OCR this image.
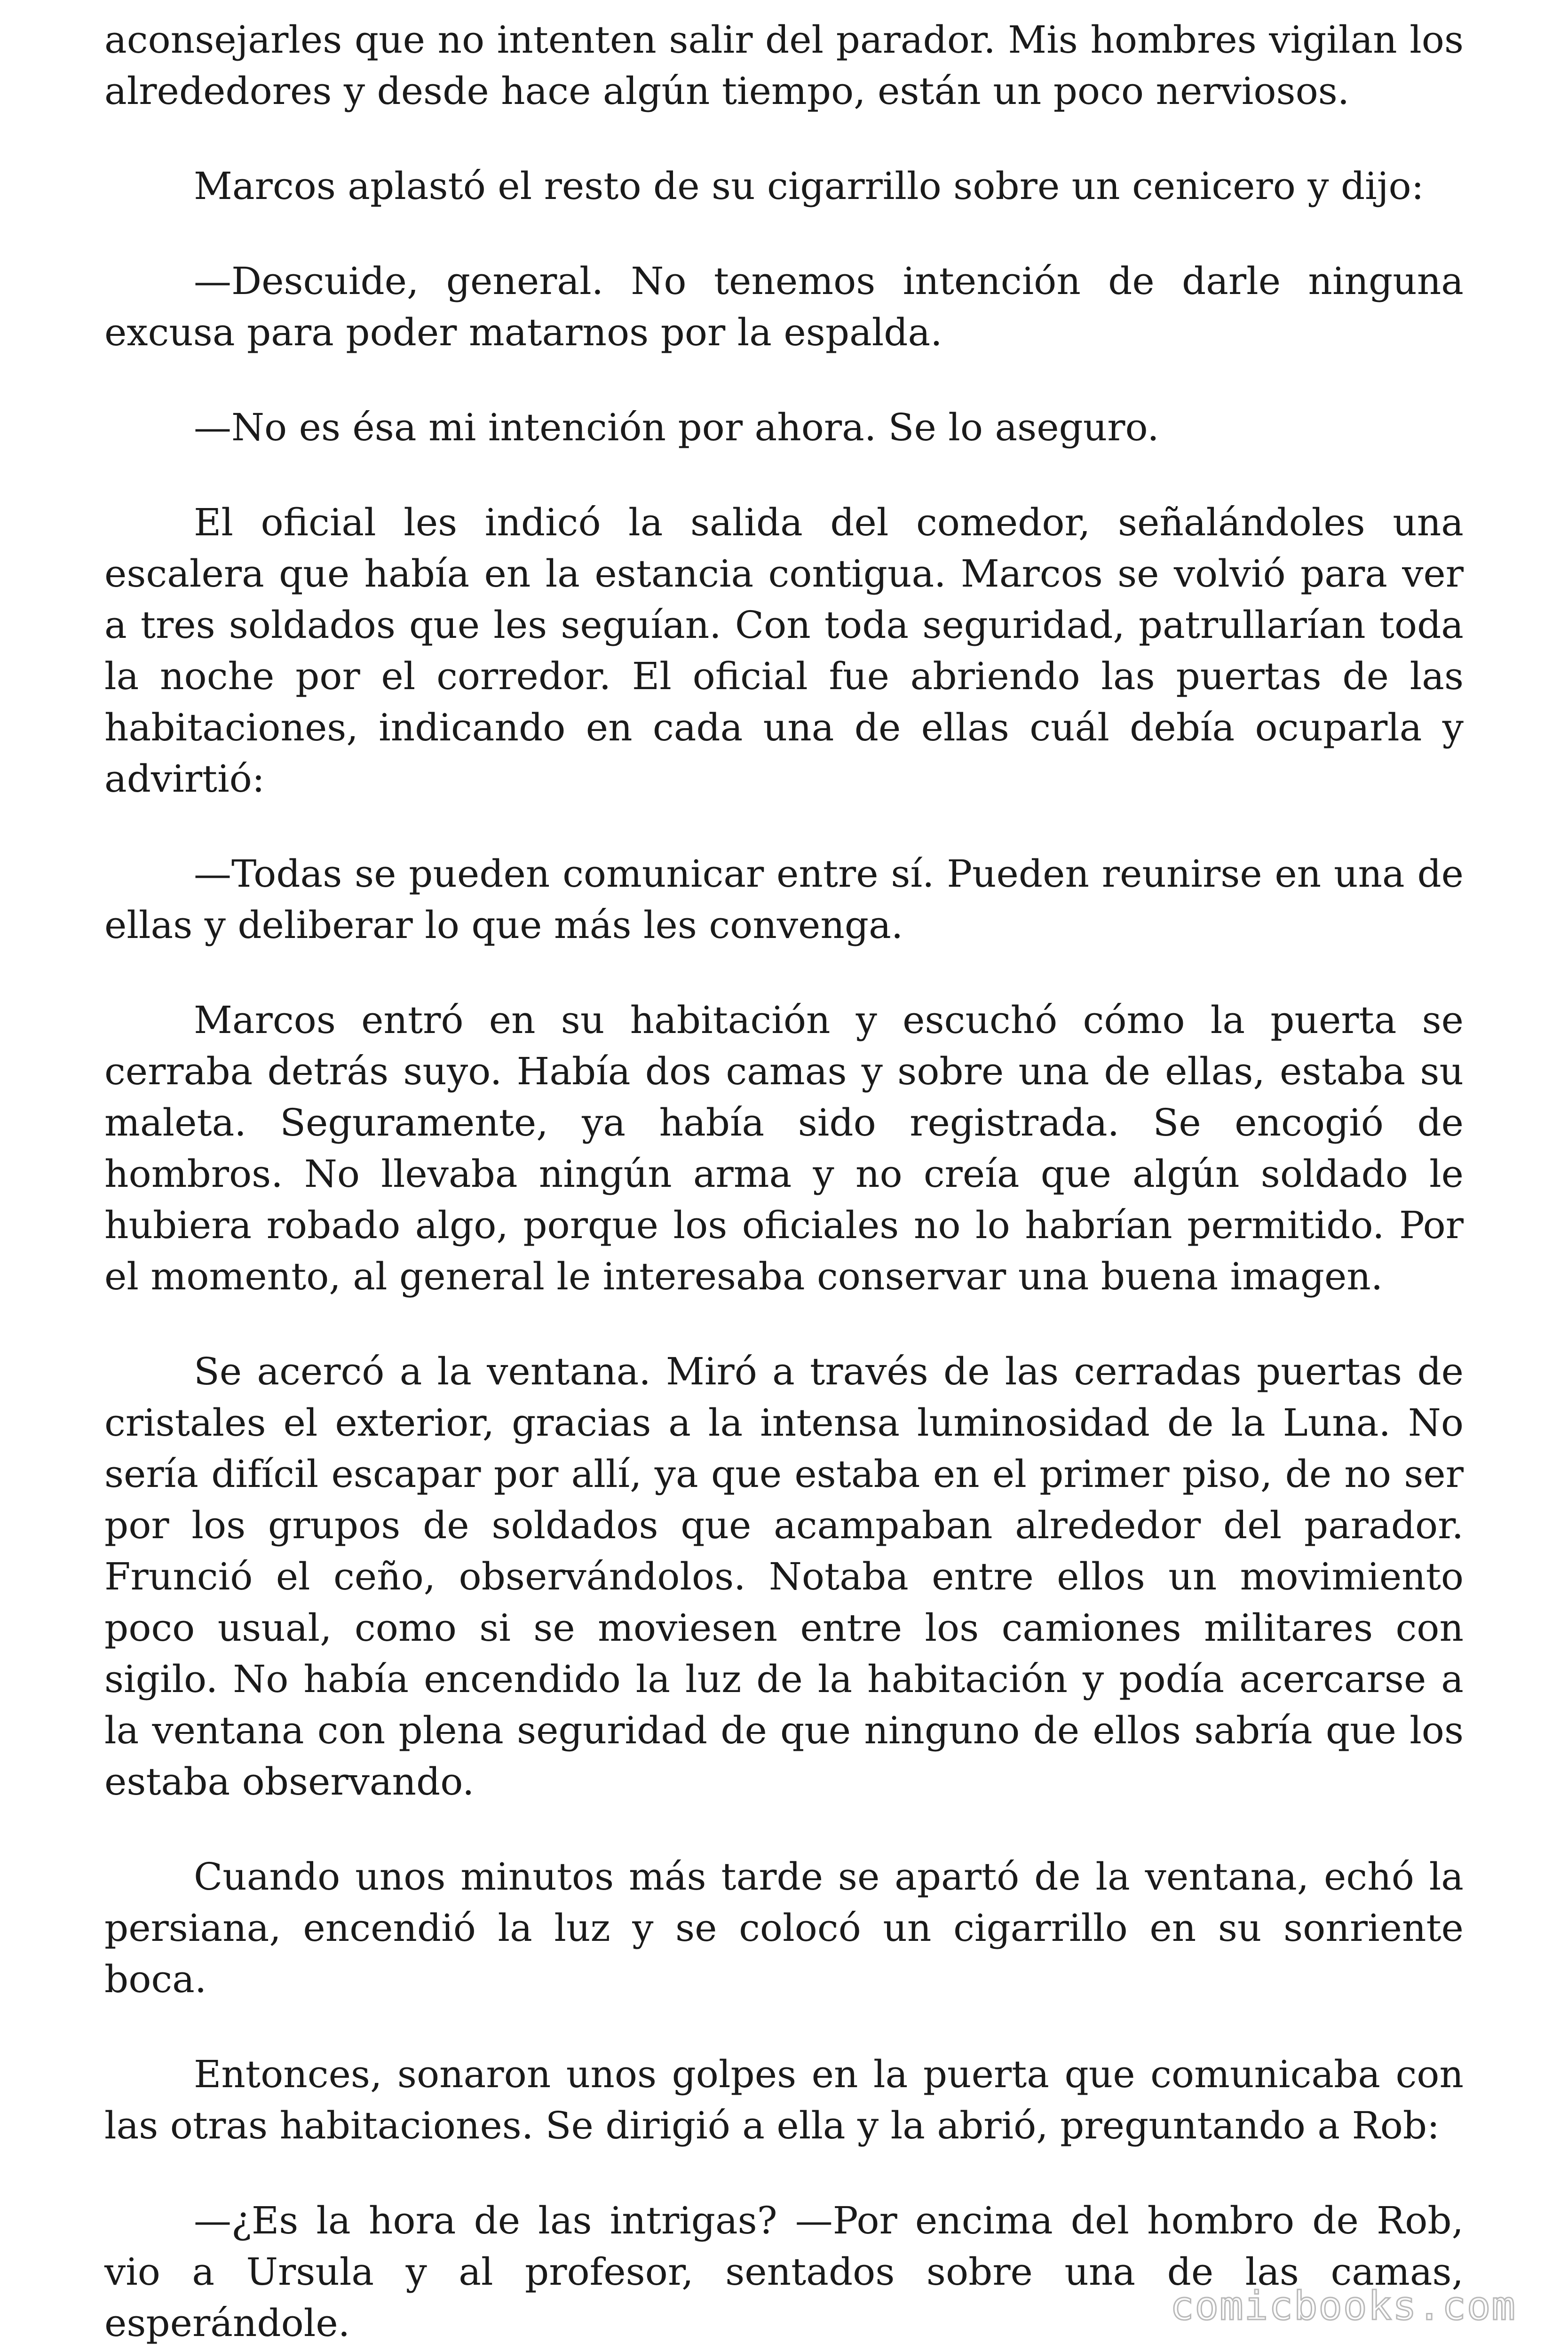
aconsejarles que no intenten salir del parador. Mis hombres vigilan los alrededores y desde hace algún tiempo, están un poco nerviosos.

Marcos aplastó el resto de su cigarrillo sobre un cenicero y dijo:

—Descuide, general. No tenemos intención de darle ninguna excusa para poder matarnos por la espalda.

—No es ésa mi intención por ahora. Se lo aseguro.

El oficial les indicó la salida del comedor, señalándoles una escalera que había en la estancia contigua. Marcos se volvió para ver a tres soldados que les seguían. Con toda seguridad, patrullarían toda la noche por el corredor. El oficial fue abriendo las puertas de las habitaciones, indicando en cada una de ellas cuál debía ocuparla y advirtió:

—Todas se pueden comunicar entre sí. Pueden reunirse en una de ellas y deliberar lo que más les convenga.

Marcos entró en su habitación y escuchó cómo la puerta se cerraba detrás suyo. Había dos camas y sobre una de ellas, estaba su maleta. Seguramente, ya había sido registrada. Se encogió de hombros. No llevaba ningún arma y no creía que algún soldado le hubiera robado algo, porque los oficiales no lo habrían permitido. Por el momento, al general le interesaba conservar una buena imagen.

Se acercó a la ventana. Miró a través de las cerradas puertas de cristales el exterior, gracias a la intensa luminosidad de la Luna. No sería difícil escapar por allí, ya que estaba en el primer piso, de no ser por los grupos de soldados que acampaban alrededor del parador. Frunció el ceño, observándolos. Notaba entre ellos un movimiento poco usual, como si se moviesen entre los camiones militares con sigilo. No había encendido la luz de la habitación y podía acercarse a la ventana con plena seguridad de que ninguno de ellos sabría que los estaba observando.

Cuando unos minutos más tarde se apartó de la ventana, echó la persiana, encendió la luz y se colocó un cigarrillo en su sonriente boca.

Entonces, sonaron unos golpes en la puerta que comunicaba con las otras habitaciones. Se dirigió a ella y la abrió, preguntando a Rob:

—¿Es la hora de las intrigas? —Por encima del hombro de Rob, vio a Ursula y al profesor, sentados sobre una de las camas, esperándole.	comicbooks.com
